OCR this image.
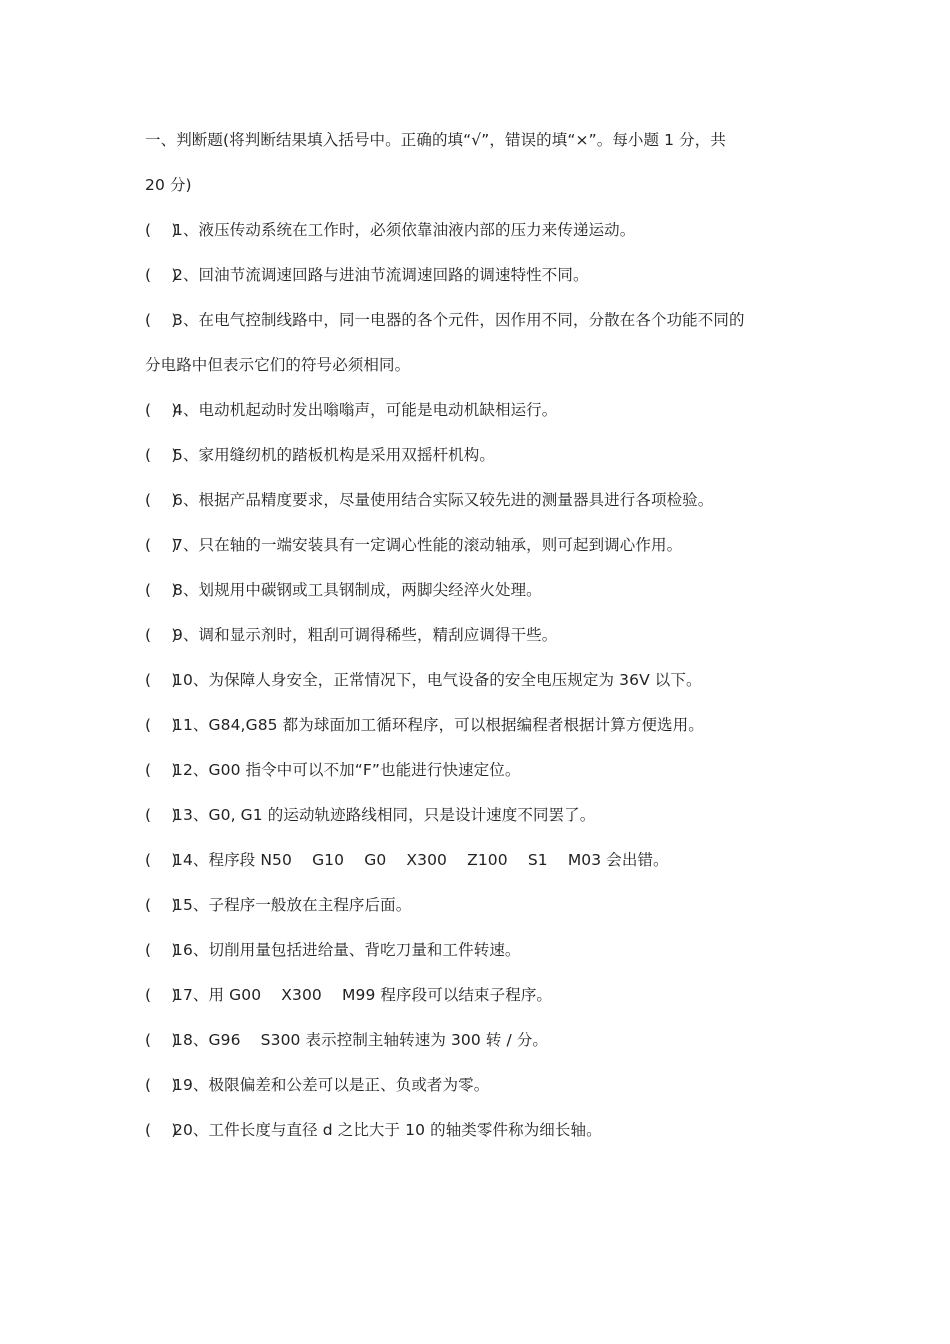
一、判断题(将判断结果填入括号中。正确的填“√”，错误的填“×”。每小题 1 分，共
20 分)
(    )1、液压传动系统在工作时，必须依靠油液内部的压力来传递运动。
(    )2、回油节流调速回路与进油节流调速回路的调速特性不同。
(    )3、在电气控制线路中，同一电器的各个元件，因作用不同，分散在各个功能不同的
分电路中但表示它们的符号必须相同。
(    )4、电动机起动时发出嗡嗡声，可能是电动机缺相运行。
(    )5、家用缝纫机的踏板机构是采用双摇杆机构。
(    )6、根据产品精度要求，尽量使用结合实际又较先进的测量器具进行各项检验。
(    )7、只在轴的一端安装具有一定调心性能的滚动轴承，则可起到调心作用。
(    )8、划规用中碳钢或工具钢制成，两脚尖经淬火处理。
(    )9、调和显示剂时，粗刮可调得稀些，精刮应调得干些。
(    )10、为保障人身安全，正常情况下，电气设备的安全电压规定为 36V 以下。
(    )11、G84,G85 都为球面加工循环程序，可以根据编程者根据计算方便选用。
(    )12、G00 指令中可以不加“F”也能进行快速定位。
(    )13、G0, G1 的运动轨迹路线相同，只是设计速度不同罢了。
(    )14、程序段 N50    G10    G0    X300    Z100    S1    M03 会出错。
(    )15、子程序一般放在主程序后面。
(    )16、切削用量包括进给量、背吃刀量和工件转速。
(    )17、用 G00    X300    M99 程序段可以结束子程序。
(    )18、G96    S300 表示控制主轴转速为 300 转 / 分。
(    )19、极限偏差和公差可以是正、负或者为零。
(    )20、工件长度与直径 d 之比大于 10 的轴类零件称为细长轴。
